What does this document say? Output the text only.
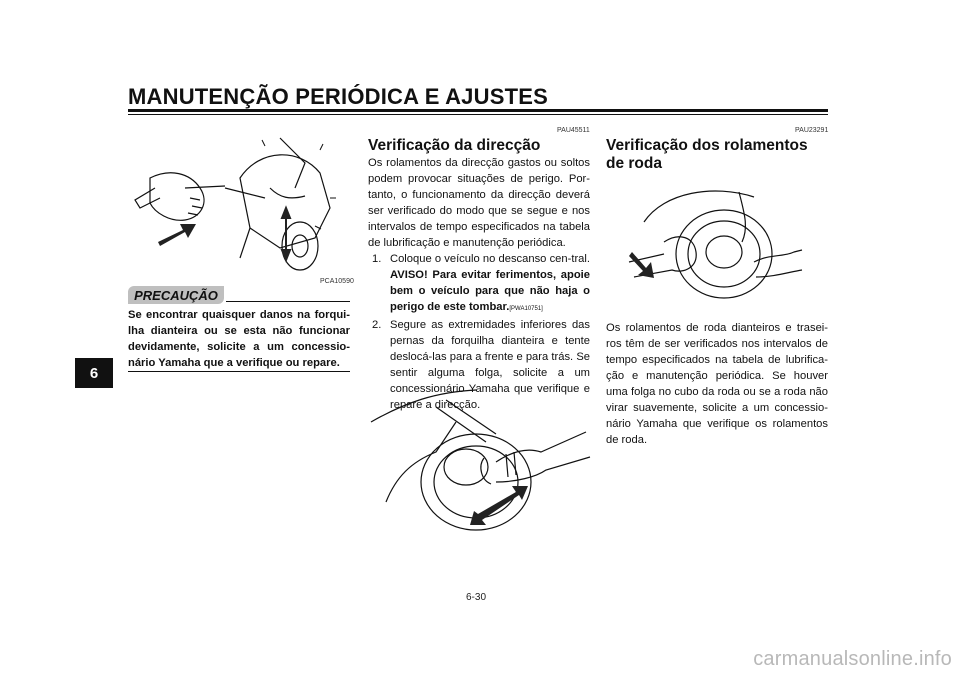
MANUTENÇÃO PERIÓDICA E AJUSTES
6
PCA10590
PRECAUÇÃO
Se encontrar quaisquer danos na forqui-lha dianteira ou se esta não funcionar devidamente, solicite a um concessio-nário Yamaha que a verifique ou repare.
PAU45511
Verificação da direcção

Os rolamentos da direcção gastos ou soltos podem provocar situações de perigo. Por-tanto, o funcionamento da direcção deverá ser verificado do modo que se segue e nos intervalos de tempo especificados na tabela de lubrificação e manutenção periódica.

1. Coloque o veículo no descanso cen-tral. AVISO! Para evitar ferimentos, apoie bem o veículo para que não haja o perigo de este tombar.[PWA10751]
2. Segure as extremidades inferiores das pernas da forquilha dianteira e tente deslocá-las para a frente e para trás. Se sentir alguma folga, solicite a um concessionário Yamaha que verifique e repare a direcção.
PAU23291
Verificação dos rolamentos de roda
Os rolamentos de roda dianteiros e trasei-ros têm de ser verificados nos intervalos de tempo especificados na tabela de lubrifica-ção e manutenção periódica. Se houver uma folga no cubo da roda ou se a roda não virar suavemente, solicite a um concessio-nário Yamaha que verifique os rolamentos de roda.
6-30
carmanualsonline.info
